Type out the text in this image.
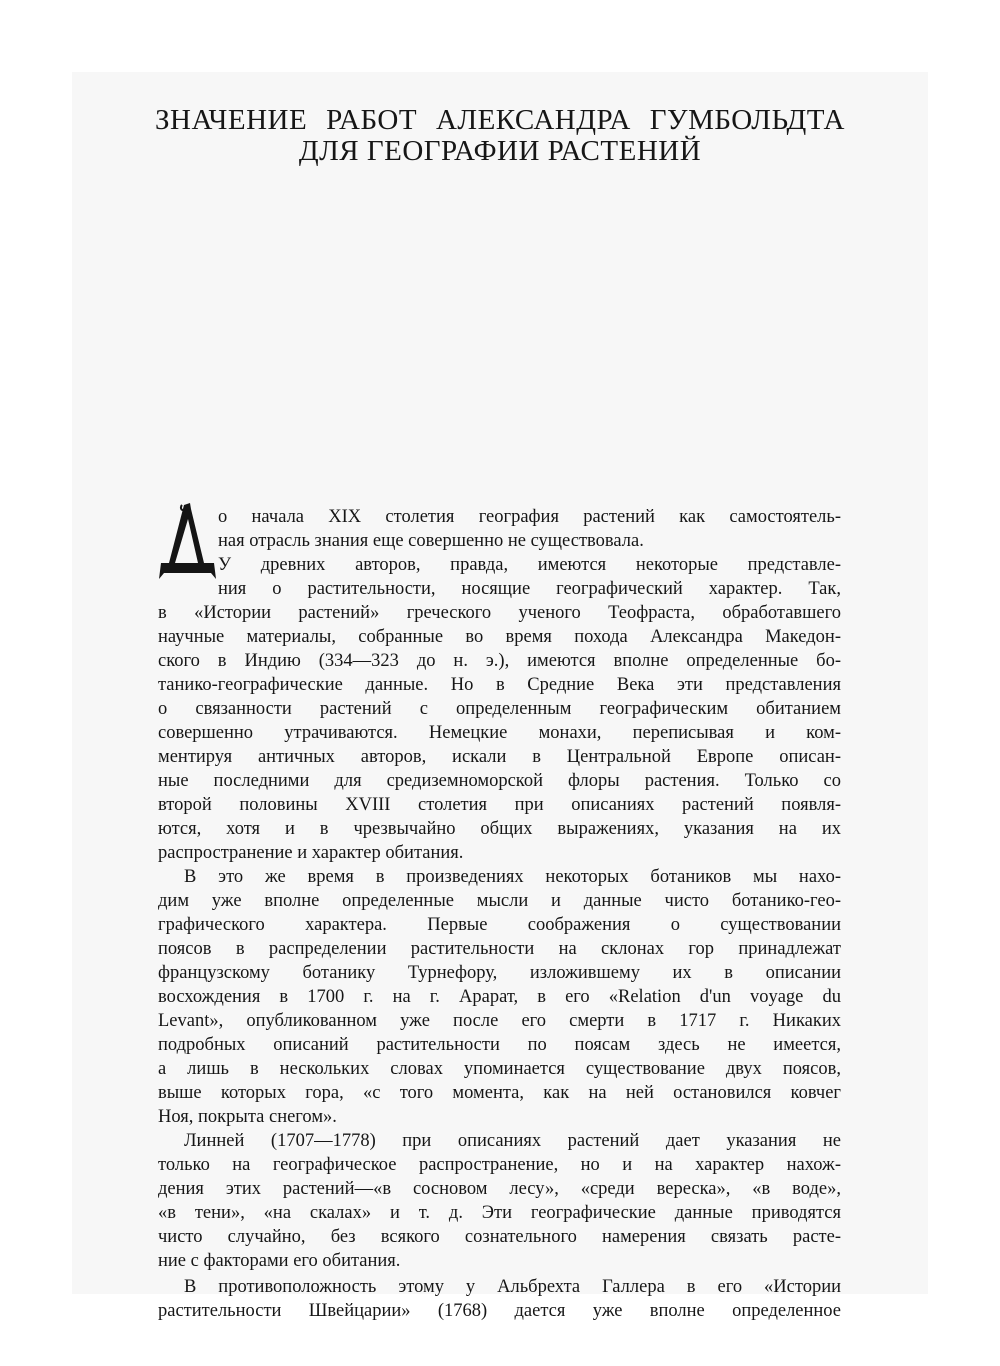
ЗНАЧЕНИЕ РАБОТ АЛЕКСАНДРА ГУМБОЛЬДТА
ДЛЯ ГЕОГРАФИИ РАСТЕНИЙ
о начала XIX столетия география растений как самостоятель-
ная отрасль знания еще совершенно не существовала.
У древних авторов, правда, имеются некоторые представле-
ния о растительности, носящие географический характер. Так,
в «Истории растений» греческого ученого Теофраста, обработавшего
научные материалы, собранные во время похода Александра Македон-
ского в Индию (334—323 до н. э.), имеются вполне определенные бо-
танико-географические данные. Но в Средние Века эти представления
о связанности растений с определенным географическим обитанием
совершенно утрачиваются. Немецкие монахи, переписывая и ком-
ментируя античных авторов, искали в Центральной Европе описан-
ные последними для средиземноморской флоры растения. Только со
второй половины XVIII столетия при описаниях растений появля-
ются, хотя и в чрезвычайно общих выражениях, указания на их
распространение и характер обитания.
В это же время в произведениях некоторых ботаников мы нахо-
дим уже вполне определенные мысли и данные чисто ботанико-гео-
графического характера. Первые соображения о существовании
поясов в распределении растительности на склонах гор принадлежат
французскому ботанику Турнефору, изложившему их в описании
восхождения в 1700 г. на г. Арарат, в его «Relation d'un voyage du
Levant», опубликованном уже после его смерти в 1717 г. Никаких
подробных описаний растительности по поясам здесь не имеется,
а лишь в нескольких словах упоминается существование двух поясов,
выше которых гора, «с того момента, как на ней остановился ковчег
Ноя, покрыта снегом».
Линней (1707—1778) при описаниях растений дает указания не
только на географическое распространение, но и на характер нахож-
дения этих растений—«в сосновом лесу», «среди вереска», «в воде»,
«в тени», «на скалах» и т. д. Эти географические данные приводятся
чисто случайно, без всякого сознательного намерения связать расте-
ние с факторами его обитания.
В противоположность этому у Альбрехта Галлера в его «Истории
растительности Швейцарии» (1768) дается уже вполне определенное
